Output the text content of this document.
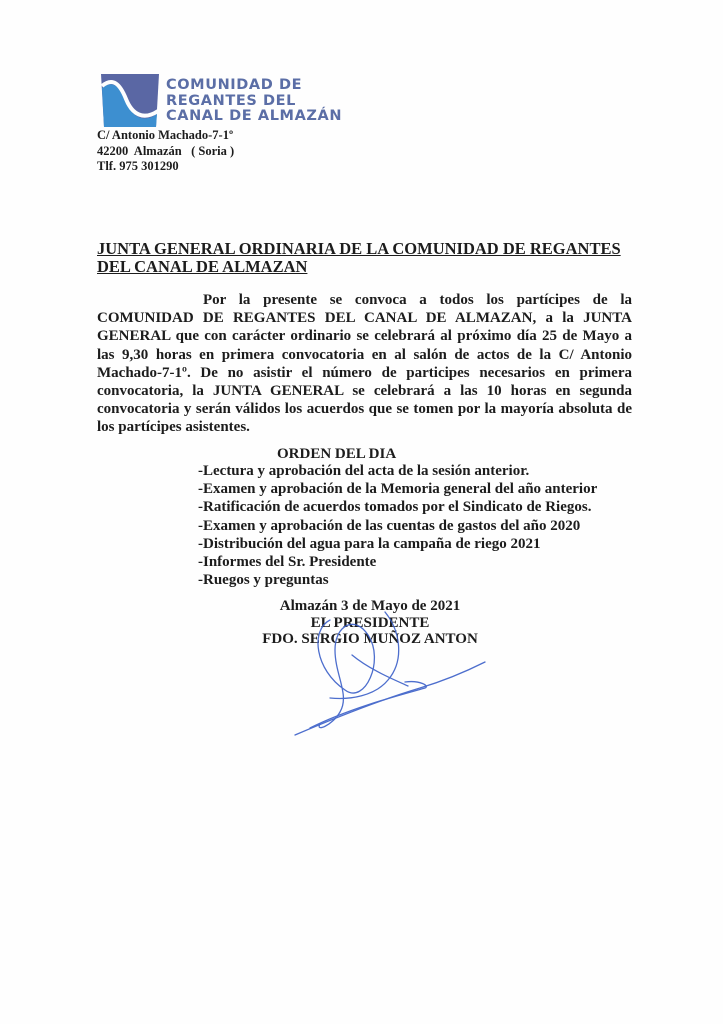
COMUNIDAD DE
REGANTES DEL
CANAL DE ALMAZÁN
C/ Antonio Machado-7-1º
42200  Almazán   ( Soria )
Tlf. 975 301290
JUNTA GENERAL ORDINARIA DE LA COMUNIDAD DE REGANTES DEL CANAL DE ALMAZAN
Por la presente se convoca a todos los partícipes de la COMUNIDAD DE REGANTES DEL CANAL DE ALMAZAN, a la JUNTA GENERAL que con carácter ordinario se celebrará al próximo día 25 de Mayo a las 9,30 horas en primera convocatoria en al salón de actos de la C/ Antonio Machado-7-1º. De no asistir el número de participes necesarios en primera convocatoria, la JUNTA GENERAL se celebrará a las 10 horas en segunda convocatoria y serán válidos los acuerdos que se tomen por la mayoría absoluta de los partícipes asistentes.
ORDEN DEL DIA
-Lectura y aprobación del acta de la sesión anterior.
-Examen y aprobación de la Memoria general del año anterior
-Ratificación de acuerdos tomados por el Sindicato de Riegos.
-Examen y aprobación de las cuentas de gastos del año 2020
-Distribución del agua para la campaña de riego 2021
-Informes del Sr. Presidente
-Ruegos y preguntas
Almazán 3 de Mayo de 2021
EL PRESIDENTE
FDO. SERGIO MUÑOZ ANTON
